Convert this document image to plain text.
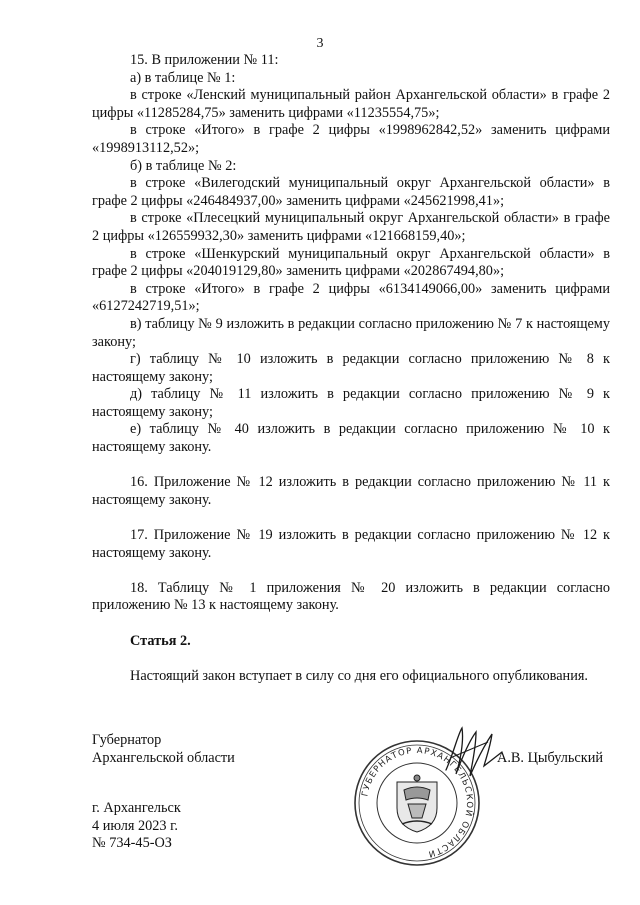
3

15. В приложении № 11:

а) в таблице № 1:

в строке «Ленский муниципальный район Архангельской области» в графе 2 цифры «11285284,75» заменить цифрами «11235554,75»;

в строке «Итого» в графе 2 цифры «1998962842,52» заменить цифрами «1998913112,52»;

б) в таблице № 2:

в строке «Вилегодский муниципальный округ Архангельской области» в графе 2 цифры «246484937,00» заменить цифрами «245621998,41»;

в строке «Плесецкий муниципальный округ Архангельской области» в графе 2 цифры «126559932,30» заменить цифрами «121668159,40»;

в строке «Шенкурский муниципальный округ Архангельской области» в графе 2 цифры «204019129,80» заменить цифрами «202867494,80»;

в строке «Итого» в графе 2 цифры «6134149066,00» заменить цифрами «6127242719,51»;

в) таблицу № 9 изложить в редакции согласно приложению № 7 к настоящему закону;

г) таблицу № 10 изложить в редакции согласно приложению № 8 к настоящему закону;

д) таблицу № 11 изложить в редакции согласно приложению № 9 к настоящему закону;

е) таблицу № 40 изложить в редакции согласно приложению № 10 к настоящему закону.

16. Приложение № 12 изложить в редакции согласно приложению № 11 к настоящему закону.

17. Приложение № 19 изложить в редакции согласно приложению № 12 к настоящему закону.

18. Таблицу № 1 приложения № 20 изложить в редакции согласно приложению № 13 к настоящему закону.

Статья 2.

Настоящий закон вступает в силу со дня его официального опубликования.

Губернатор
Архангельской области	А.В. Цыбульский
г. Архангельск
4 июля 2023 г.
№ 734-45-ОЗ
ГУБЕРНАТОР АРХАНГЕЛЬСКОЙ ОБЛАСТИ
